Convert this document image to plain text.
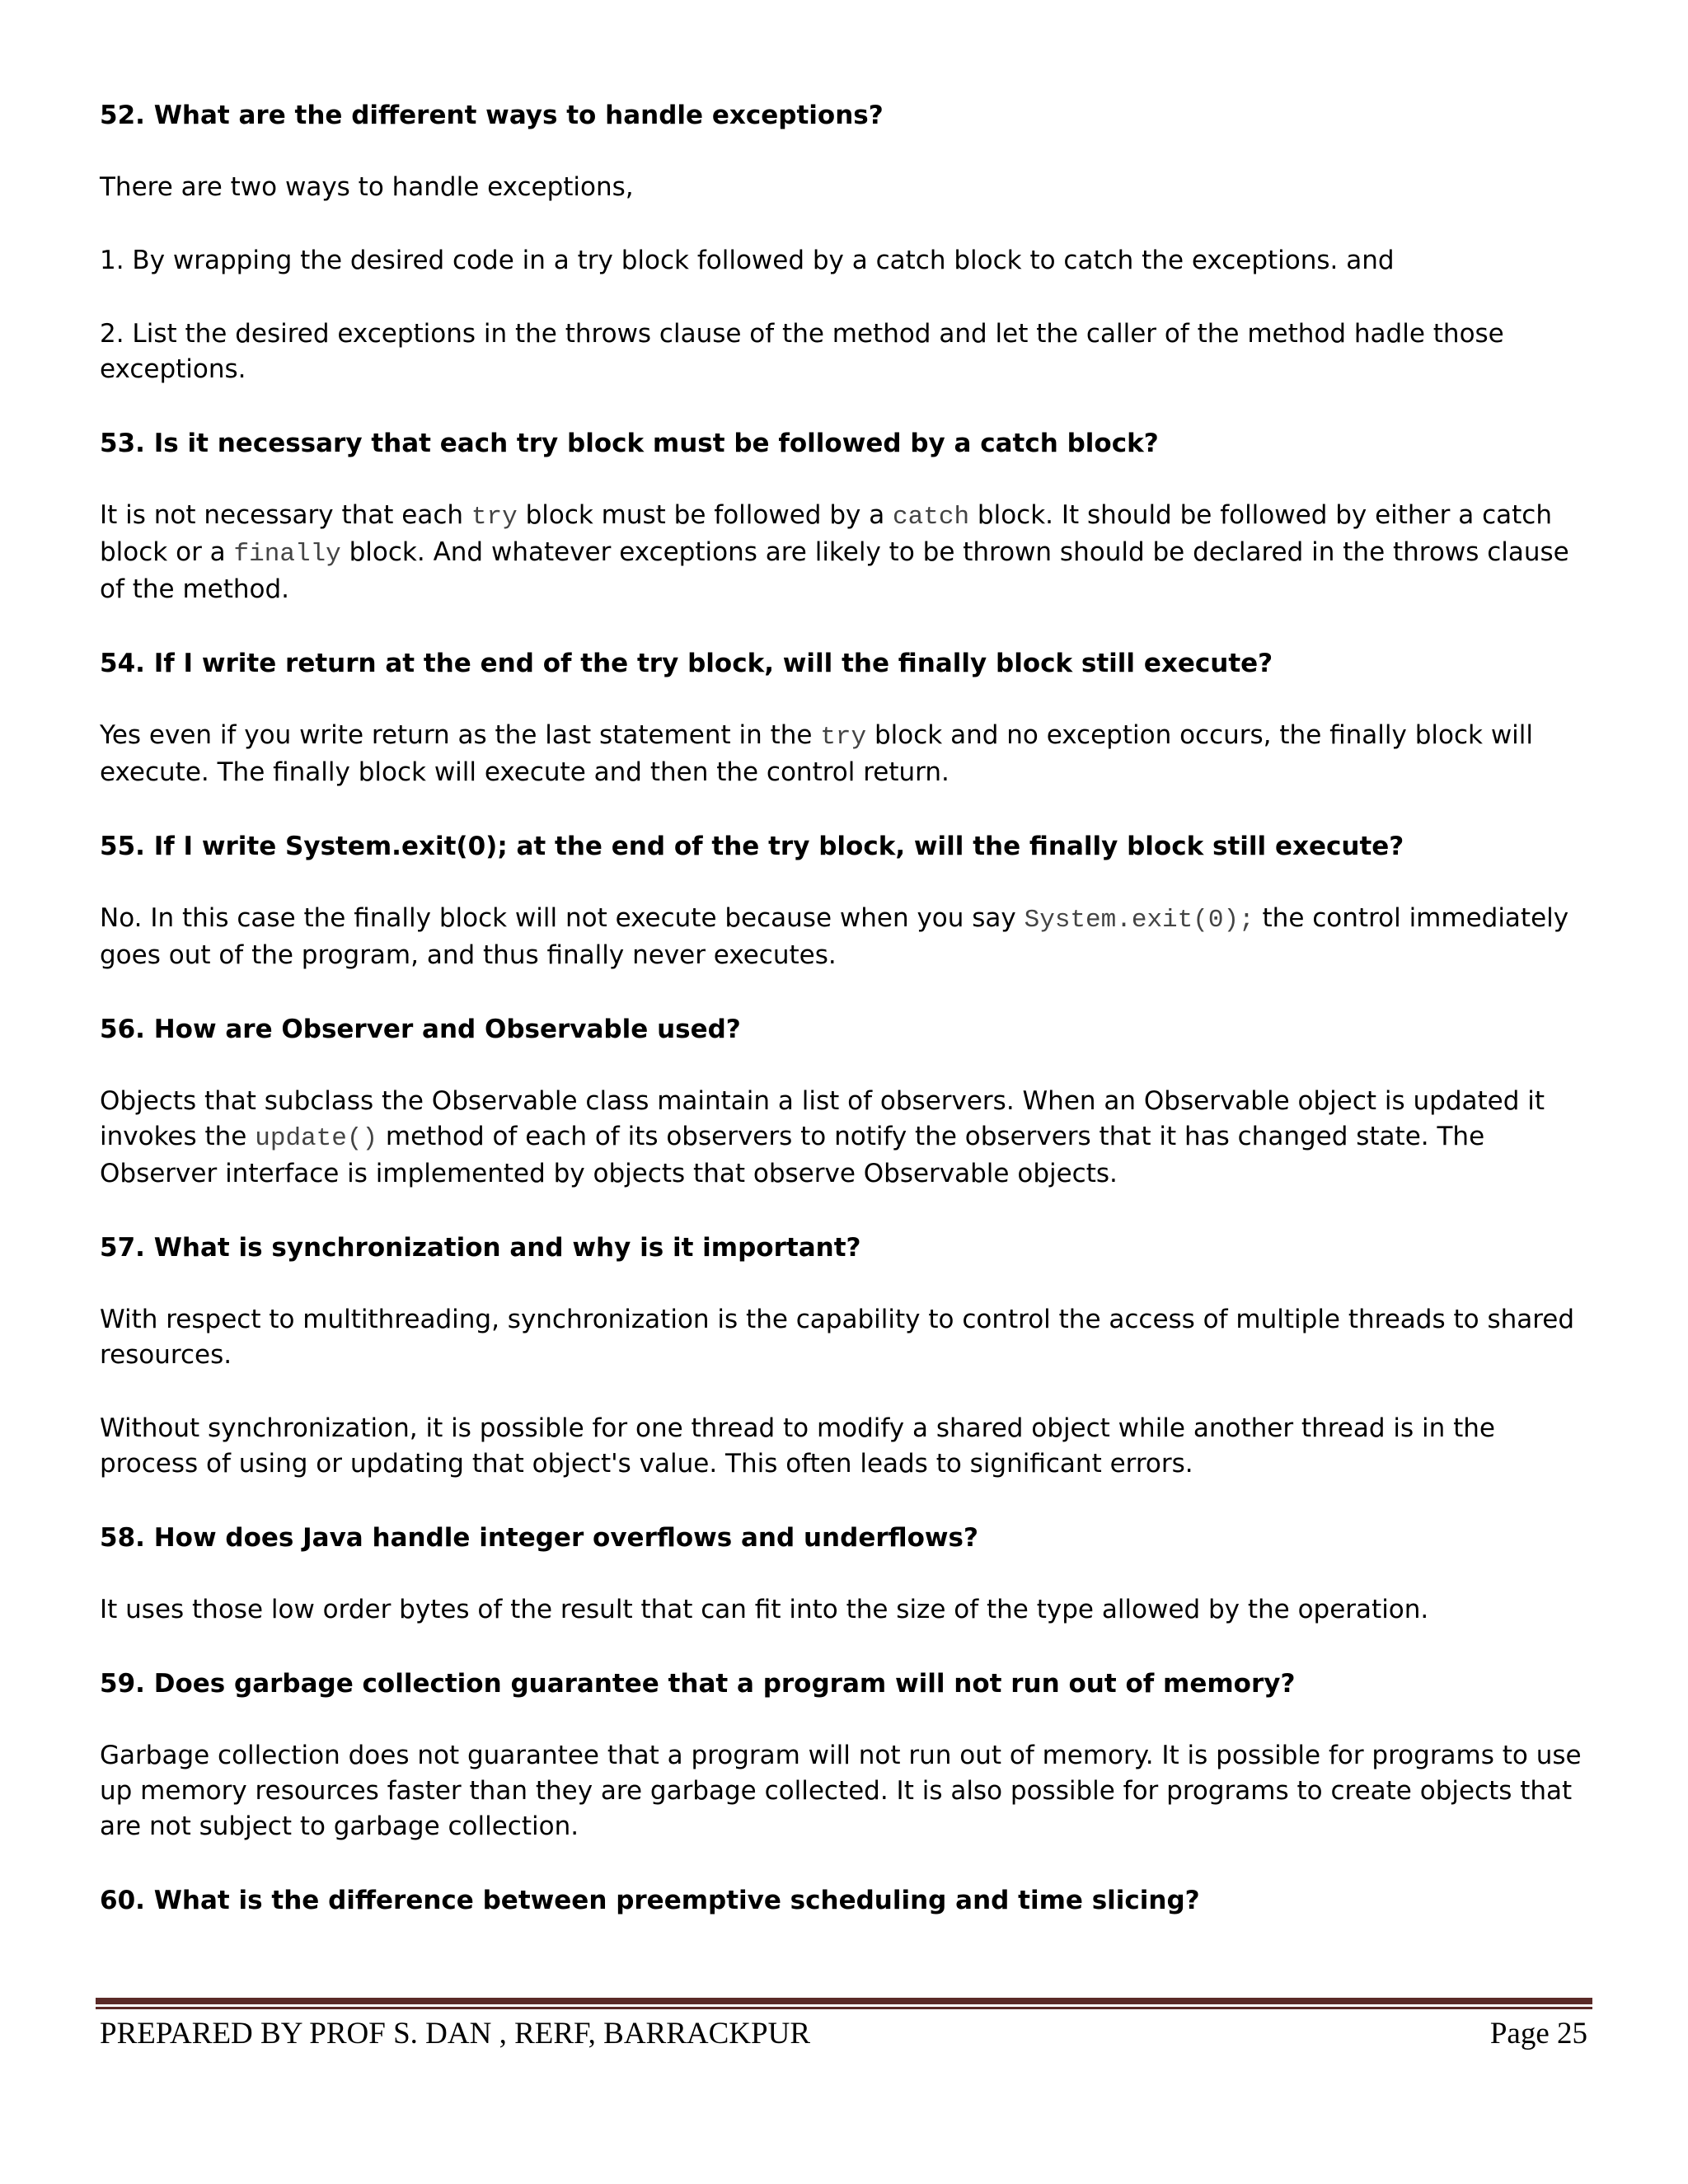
52. What are the different ways to handle exceptions?
There are two ways to handle exceptions,
1. By wrapping the desired code in a try block followed by a catch block to catch the exceptions. and
2. List the desired exceptions in the throws clause of the method and let the caller of the method hadle those exceptions.
53. Is it necessary that each try block must be followed by a catch block?
It is not necessary that each try block must be followed by a catch block. It should be followed by either a catch block or a finally block. And whatever exceptions are likely to be thrown should be declared in the throws clause of the method.
54. If I write return at the end of the try block, will the finally block still execute?
Yes even if you write return as the last statement in the try block and no exception occurs, the finally block will execute. The finally block will execute and then the control return.
55. If I write System.exit(0); at the end of the try block, will the finally block still execute?
No. In this case the finally block will not execute because when you say System.exit(0); the control immediately goes out of the program, and thus finally never executes.
56. How are Observer and Observable used?
Objects that subclass the Observable class maintain a list of observers. When an Observable object is updated it invokes the update() method of each of its observers to notify the observers that it has changed state. The Observer interface is implemented by objects that observe Observable objects.
57. What is synchronization and why is it important?
With respect to multithreading, synchronization is the capability to control the access of multiple threads to shared resources.
Without synchronization, it is possible for one thread to modify a shared object while another thread is in the process of using or updating that object's value. This often leads to significant errors.
58. How does Java handle integer overflows and underflows?
It uses those low order bytes of the result that can fit into the size of the type allowed by the operation.
59. Does garbage collection guarantee that a program will not run out of memory?
Garbage collection does not guarantee that a program will not run out of memory. It is possible for programs to use up memory resources faster than they are garbage collected. It is also possible for programs to create objects that are not subject to garbage collection.
60. What is the difference between preemptive scheduling and time slicing?
PREPARED BY PROF S. DAN , RERF, BARRACKPUR	Page 25
